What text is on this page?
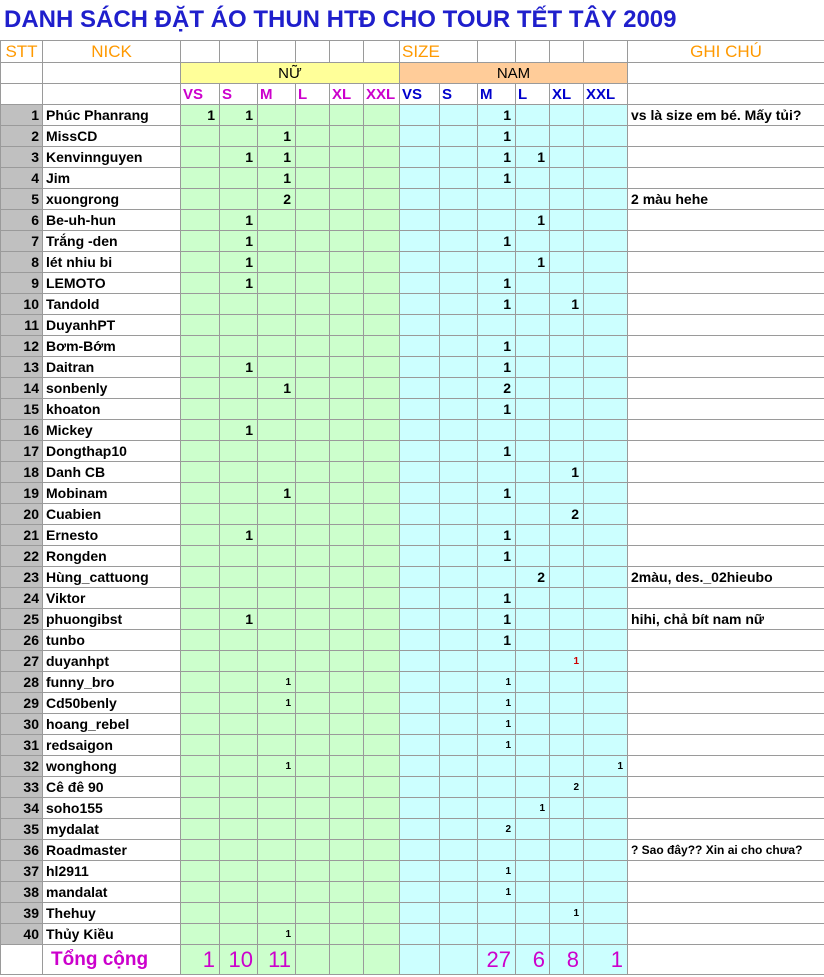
DANH SÁCH ĐẶT ÁO THUN HTĐ CHO TOUR TẾT TÂY 2009
STT	NICK							SIZE						GHI CHÚ
		NỮ						NAM						
		VS	S	M	L	XL	XXL	VS	S	M	L	XL	XXL	
1	Phúc Phanrang	1	1							1				vs là size em bé. Mấy tủi?
2	MissCD			1						1				
3	Kenvinnguyen		1	1						1	1			
4	Jim			1						1				
5	xuongrong			2										2 màu hehe
6	Be-uh-hun		1								1			
7	Trắng -den		1							1				
8	lét nhiu bi		1								1			
9	LEMOTO		1							1				
10	Tandold									1		1		
11	DuyanhPT													
12	Bơm-Bớm									1				
13	Daitran		1							1				
14	sonbenly			1						2				
15	khoaton									1				
16	Mickey		1											
17	Dongthap10									1				
18	Danh CB											1		
19	Mobinam			1						1				
20	Cuabien											2		
21	Ernesto		1							1				
22	Rongden									1				
23	Hùng_cattuong										2			2màu, des._02hieubo
24	Viktor									1				
25	phuongibst		1							1				hihi, chả bít nam nữ
26	tunbo									1				
27	duyanhpt											1		
28	funny_bro			1						1				
29	Cd50benly			1						1				
30	hoang_rebel									1				
31	redsaigon									1				
32	wonghong			1									1	
33	Cê đê 90											2		
34	soho155										1			
35	mydalat									2				
36	Roadmaster													? Sao đây?? Xin ai cho chưa?
37	hl2911									1				
38	mandalat									1				
39	Thehuy											1		
40	Thủy Kiều			1										
	Tổng cộng	1	10	11						27	6	8	1	
